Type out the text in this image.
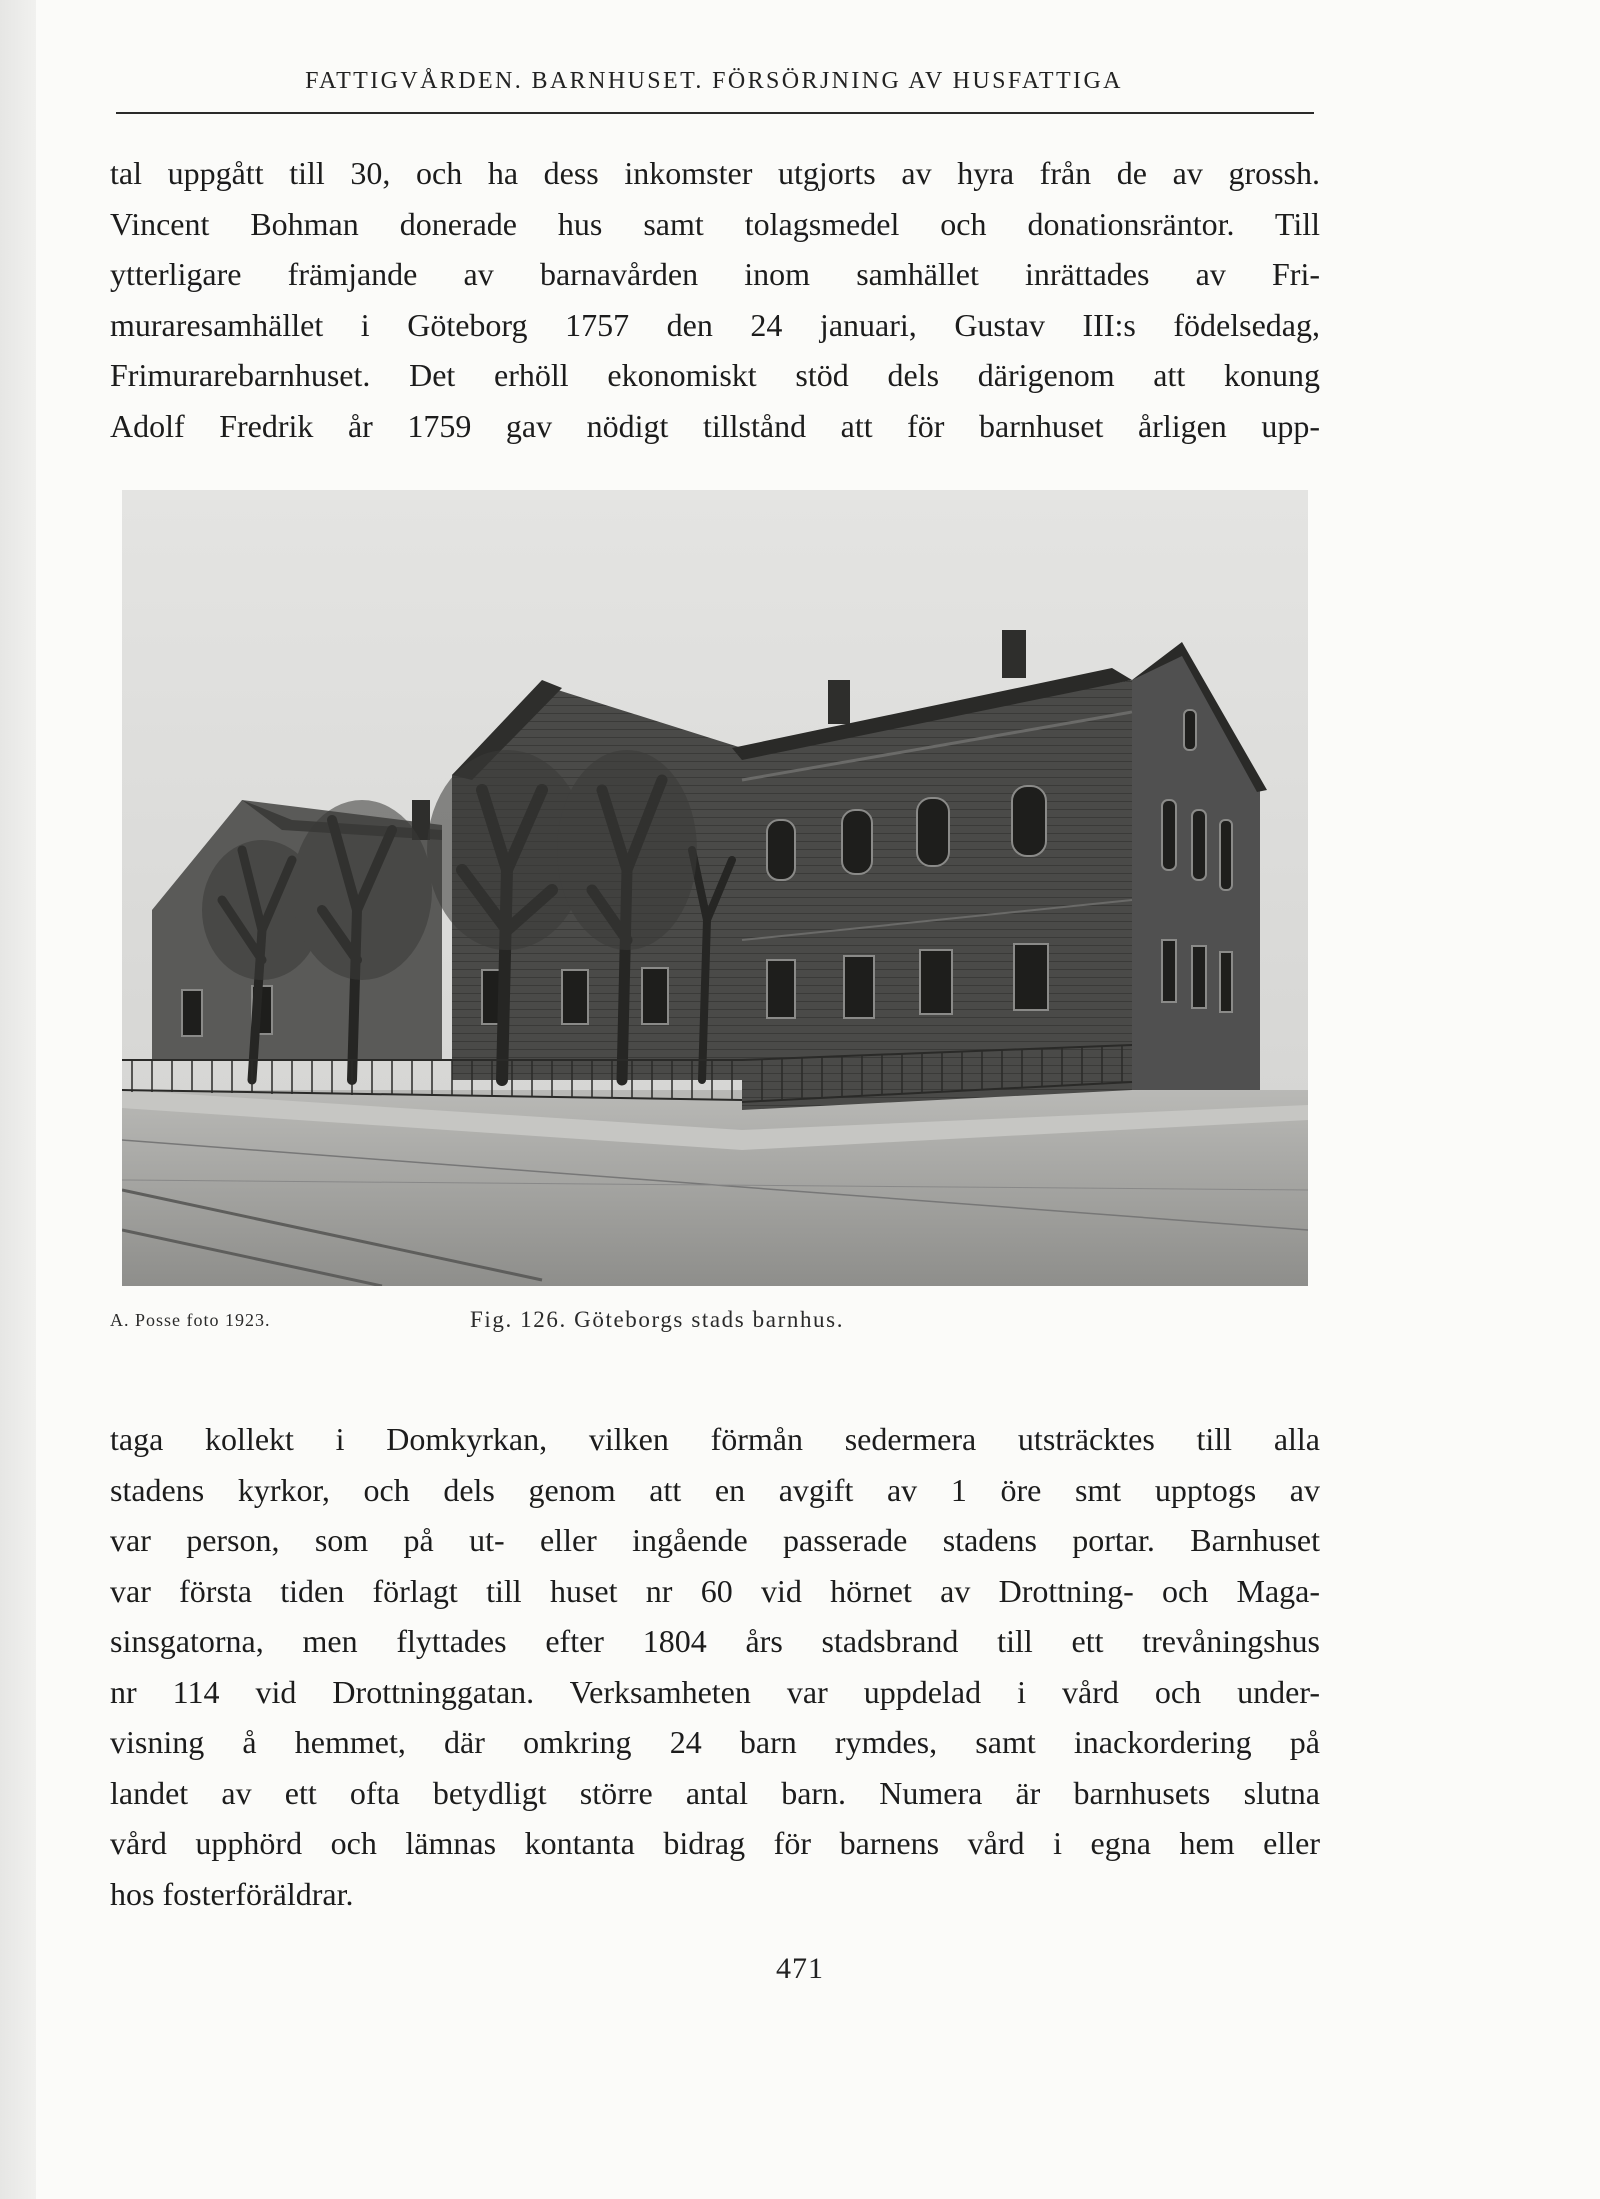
FATTIGVÅRDEN. BARNHUSET. FÖRSÖRJNING AV HUSFATTIGA
tal uppgått till 30, och ha dess inkomster utgjorts av hyra från de av grossh.
Vincent Bohman donerade hus samt tolagsmedel och donationsräntor. Till
ytterligare främjande av barnavården inom samhället inrättades av Fri-
muraresamhället i Göteborg 1757 den 24 januari, Gustav III:s födelsedag,
Frimurarebarnhuset. Det erhöll ekonomiskt stöd dels därigenom att konung
Adolf Fredrik år 1759 gav nödigt tillstånd att för barnhuset årligen upp-
A. Posse foto 1923.	Fig. 126. Göteborgs stads barnhus.
taga kollekt i Domkyrkan, vilken förmån sedermera utsträcktes till alla
stadens kyrkor, och dels genom att en avgift av 1 öre smt upptogs av
var person, som på ut- eller ingående passerade stadens portar. Barnhuset
var första tiden förlagt till huset nr 60 vid hörnet av Drottning- och Maga-
sinsgatorna, men flyttades efter 1804 års stadsbrand till ett trevåningshus
nr 114 vid Drottninggatan. Verksamheten var uppdelad i vård och under-
visning å hemmet, där omkring 24 barn rymdes, samt inackordering på
landet av ett ofta betydligt större antal barn. Numera är barnhusets slutna
vård upphörd och lämnas kontanta bidrag för barnens vård i egna hem eller
hos fosterföräldrar.
471
